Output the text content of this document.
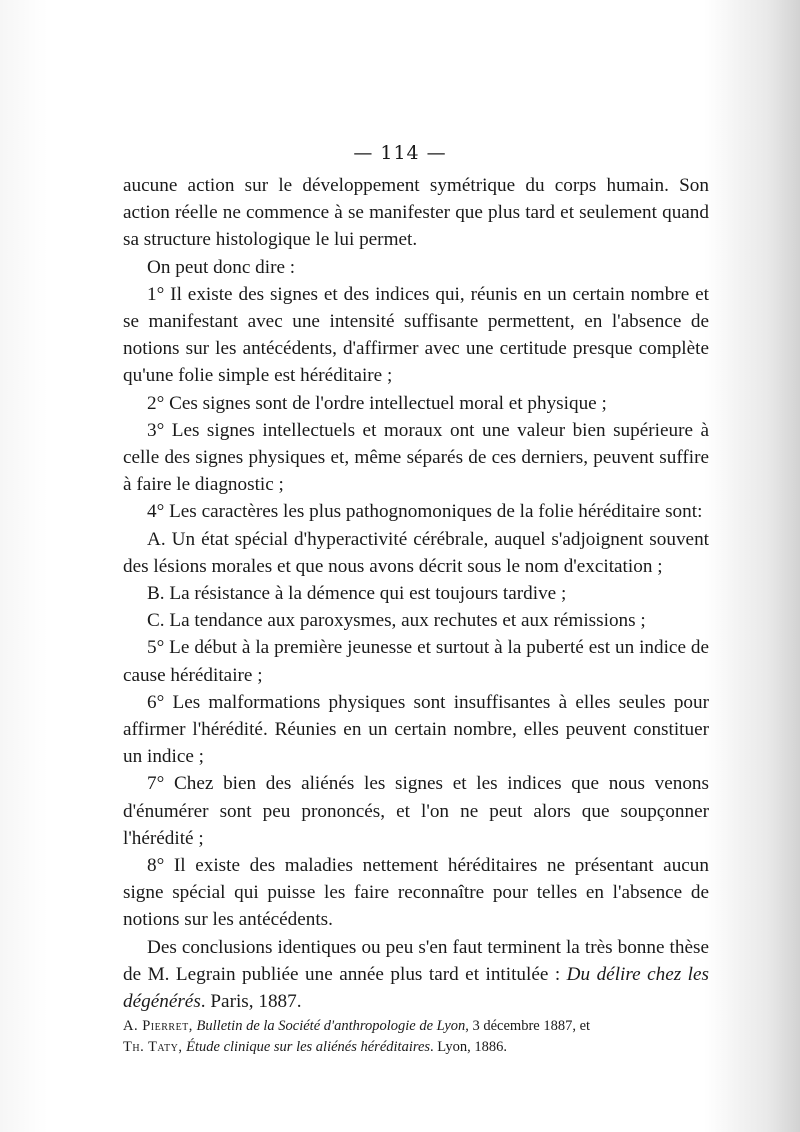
— 114 —

aucune action sur le développement symétrique du corps humain. Son action réelle ne commence à se manifester que plus tard et seulement quand sa structure histologique le lui permet.

On peut donc dire :

1° Il existe des signes et des indices qui, réunis en un certain nombre et se manifestant avec une intensité suffisante permettent, en l'absence de notions sur les antécédents, d'affirmer avec une certitude presque complète qu'une folie simple est héréditaire ;

2° Ces signes sont de l'ordre intellectuel moral et physique ;

3° Les signes intellectuels et moraux ont une valeur bien supérieure à celle des signes physiques et, même séparés de ces derniers, peuvent suffire à faire le diagnostic ;

4° Les caractères les plus pathognomoniques de la folie héréditaire sont:

A. Un état spécial d'hyperactivité cérébrale, auquel s'adjoignent souvent des lésions morales et que nous avons décrit sous le nom d'excitation ;

B. La résistance à la démence qui est toujours tardive ;

C. La tendance aux paroxysmes, aux rechutes et aux rémissions ;

5° Le début à la première jeunesse et surtout à la puberté est un indice de cause héréditaire ;

6° Les malformations physiques sont insuffisantes à elles seules pour affirmer l'hérédité. Réunies en un certain nombre, elles peuvent constituer un indice ;

7° Chez bien des aliénés les signes et les indices que nous venons d'énumérer sont peu prononcés, et l'on ne peut alors que soupçonner l'hérédité ;

8° Il existe des maladies nettement héréditaires ne présentant aucun signe spécial qui puisse les faire reconnaître pour telles en l'absence de notions sur les antécédents.

Des conclusions identiques ou peu s'en faut terminent la très bonne thèse de M. Legrain publiée une année plus tard et intitulée : Du délire chez les dégénérés. Paris, 1887.

A. Pierret, Bulletin de la Société d'anthropologie de Lyon, 3 décembre 1887, et

Th. Taty, Étude clinique sur les aliénés héréditaires. Lyon, 1886.
